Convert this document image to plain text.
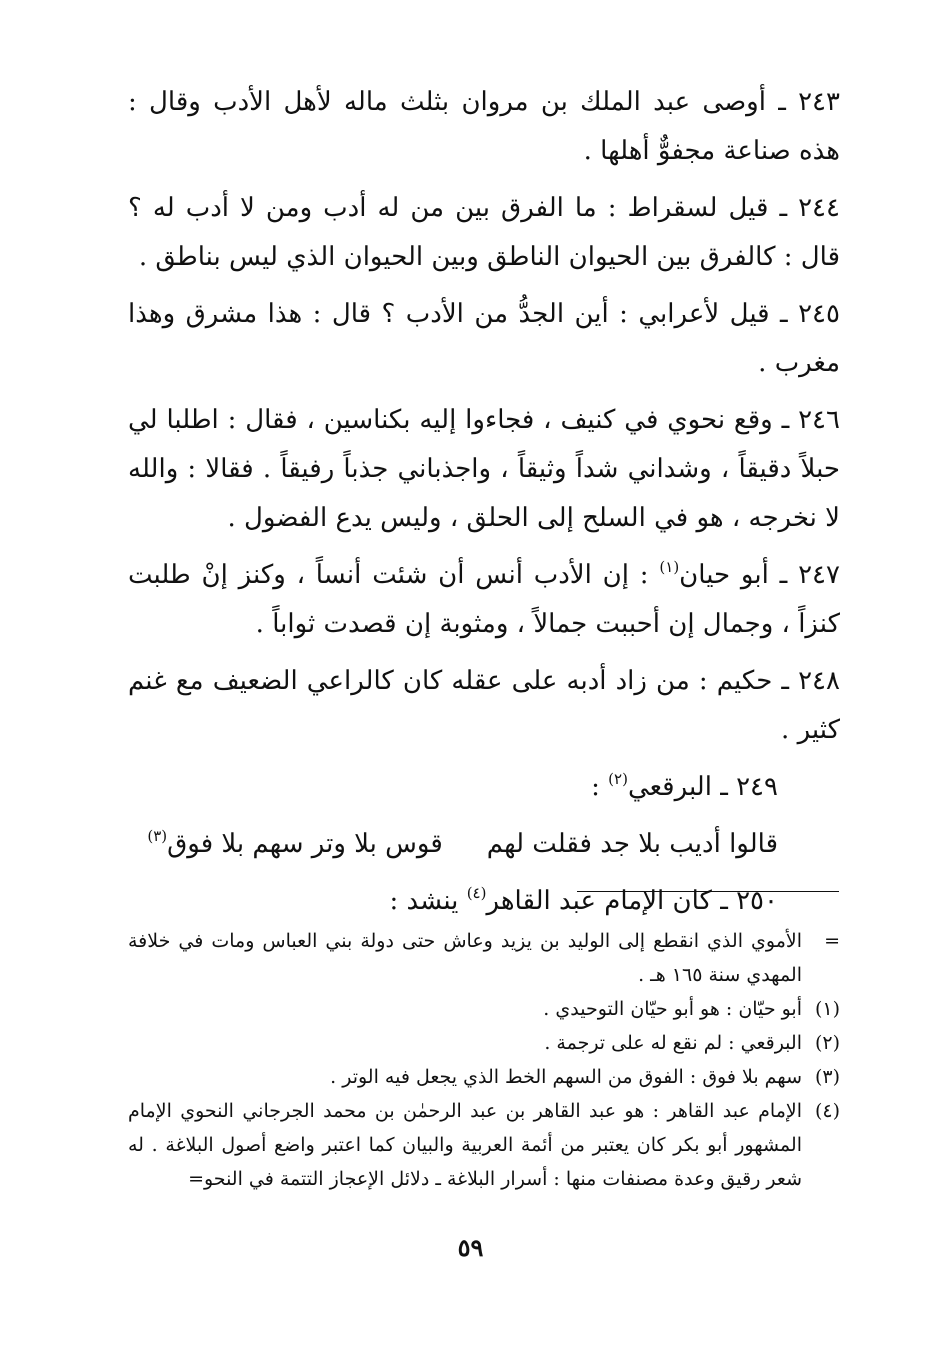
٢٤٣ ـ أوصى عبد الملك بن مروان بثلث ماله لأهل الأدب وقال : هذه صناعة مجفوٌّ أهلها .

٢٤٤ ـ قيل لسقراط : ما الفرق بين من له أدب ومن لا أدب له ؟ قال : كالفرق بين الحيوان الناطق وبين الحيوان الذي ليس بناطق .

٢٤٥ ـ قيل لأعرابي : أين الجدُّ من الأدب ؟ قال : هذا مشرق وهذا مغرب .

٢٤٦ ـ وقع نحوي في كنيف ، فجاءوا إليه بكناسين ، فقال : اطلبا لي حبلاً دقيقاً ، وشداني شداً وثيقاً ، واجذباني جذباً رفيقاً . فقالا : والله لا نخرجه ، هو في السلح إلى الحلق ، وليس يدع الفضول .

٢٤٧ ـ أبو حيان$^{(١)}$ : إن الأدب أنس أن شئت أنساً ، وكنز إنْ طلبت كنزاً ، وجمال إن أحببت جمالاً ، ومثوبة إن قصدت ثواباً .

٢٤٨ ـ حكيم : من زاد أدبه على عقله كان كالراعي الضعيف مع غنم كثير .

٢٤٩ ـ البرقعي$^{(٢)}$ :

قالوا أديب بلا جد فقلت لهم
قوس بلا وتر سهم بلا فوق$^{(٣)}$

٢٥٠ ـ كان الإمام عبد القاهر$^{(٤)}$ ينشد :

=
الأموي الذي انقطع إلى الوليد بن يزيد وعاش حتى دولة بني العباس ومات في خلافة المهدي سنة ١٦٥ هـ .
(١)
أبو حيّان : هو أبو حيّان التوحيدي .
(٢)
البرقعي : لم نقع له على ترجمة .
(٣)
سهم بلا فوق : الفوق من السهم الخط الذي يجعل فيه الوتر .
(٤)
الإمام عبد القاهر : هو عبد القاهر بن عبد الرحمٰن بن محمد الجرجاني النحوي الإمام المشهور أبو بكر كان يعتبر من أئمة العربية والبيان كما اعتبر واضع أصول البلاغة . له شعر رقيق وعدة مصنفات منها : أسرار البلاغة ـ دلائل الإعجاز التتمة في النحو=
٥٩
